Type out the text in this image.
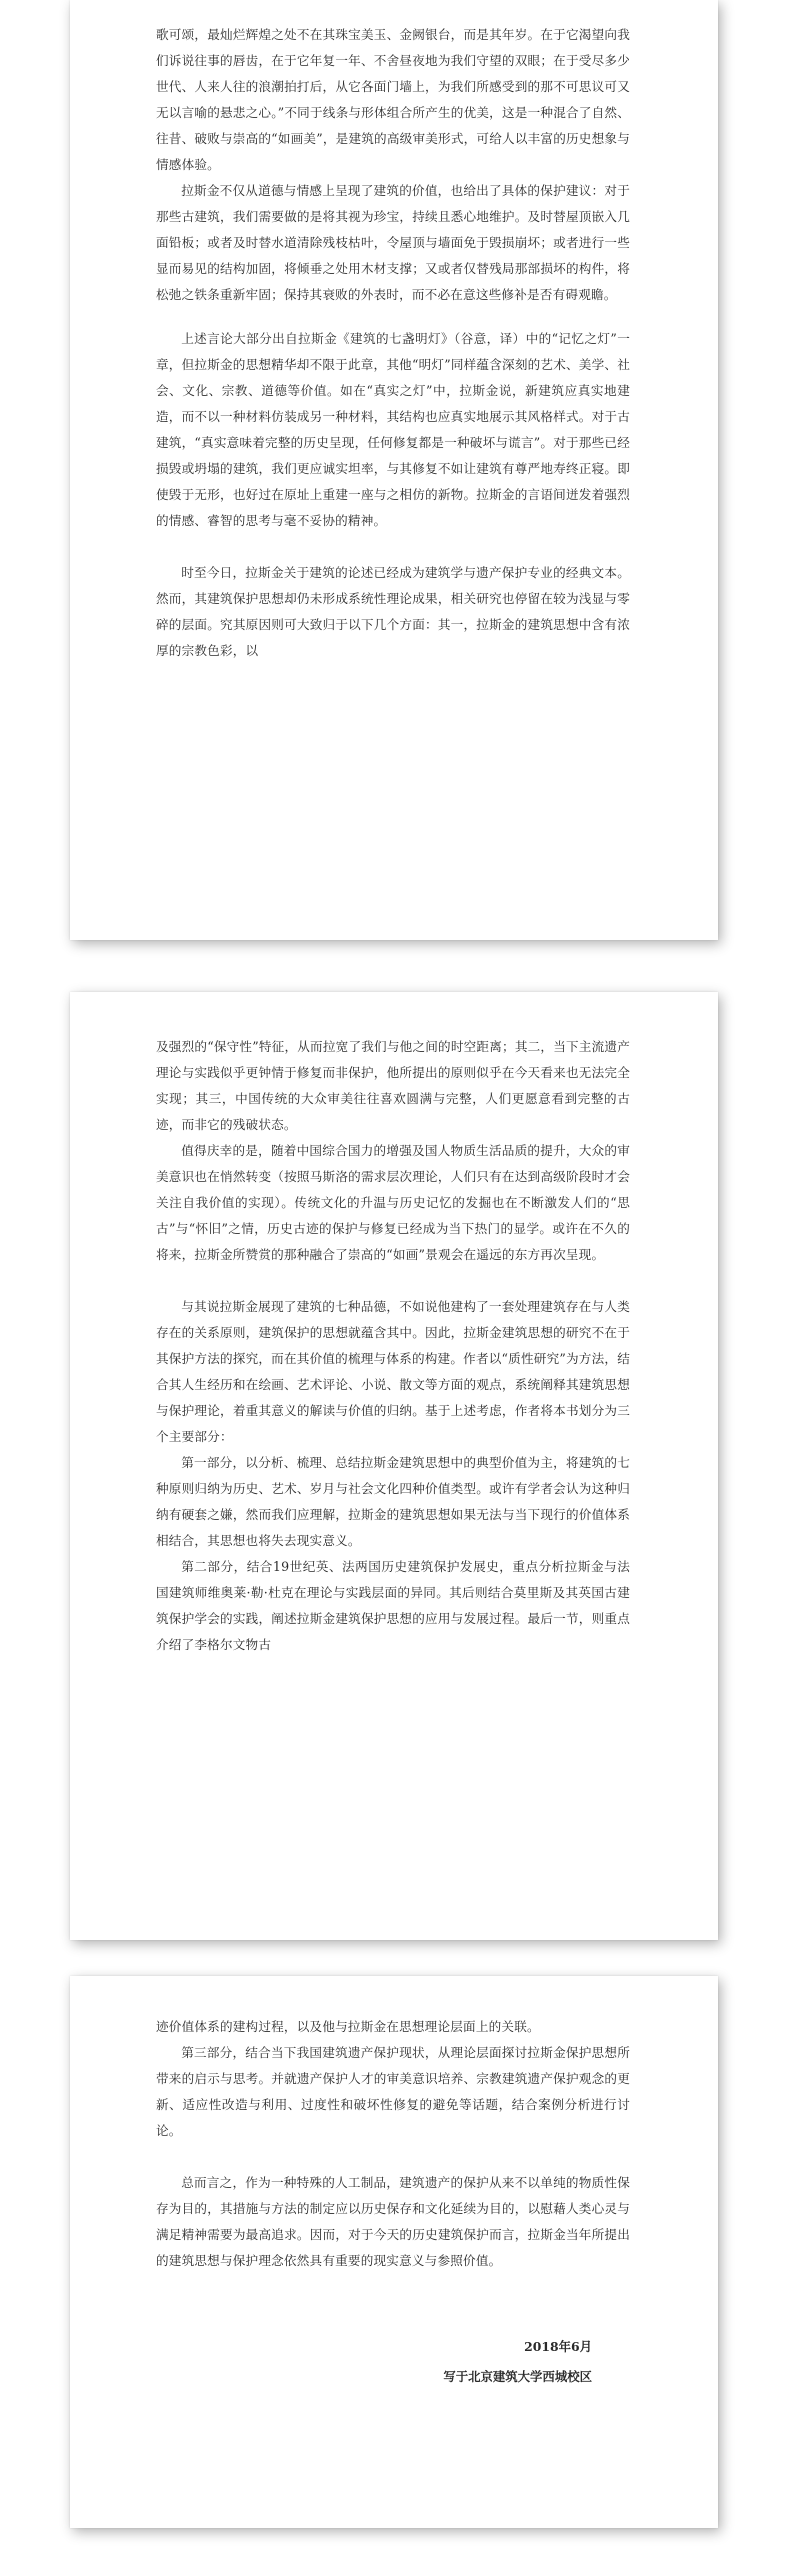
歌可颂，最灿烂辉煌之处不在其珠宝美玉、金阙银台，而是其年岁。在于它渴望向我们诉说往事的唇齿，在于它年复一年、不舍昼夜地为我们守望的双眼；在于受尽多少世代、人来人往的浪潮拍打后，从它各面门墙上，为我们所感受到的那不可思议可又无以言喻的悬悲之心。”不同于线条与形体组合所产生的优美，这是一种混合了自然、往昔、破败与崇高的“如画美”，是建筑的高级审美形式，可给人以丰富的历史想象与情感体验。

拉斯金不仅从道德与情感上呈现了建筑的价值，也给出了具体的保护建议：对于那些古建筑，我们需要做的是将其视为珍宝，持续且悉心地维护。及时替屋顶嵌入几面铅板；或者及时替水道清除残枝枯叶，令屋顶与墙面免于毁损崩坏；或者进行一些显而易见的结构加固，将倾垂之处用木材支撑；又或者仅替残局那部损坏的构件，将松弛之铁条重新牢固；保持其衰败的外表时，而不必在意这些修补是否有碍观瞻。

上述言论大部分出自拉斯金《建筑的七盏明灯》（谷意，译）中的“记忆之灯”一章，但拉斯金的思想精华却不限于此章，其他“明灯”同样蕴含深刻的艺术、美学、社会、文化、宗教、道德等价值。如在“真实之灯”中，拉斯金说，新建筑应真实地建造，而不以一种材料仿装成另一种材料，其结构也应真实地展示其风格样式。对于古建筑，“真实意味着完整的历史呈现，任何修复都是一种破坏与谎言”。对于那些已经损毁或坍塌的建筑，我们更应诚实坦率，与其修复不如让建筑有尊严地寿终正寝。即使毁于无形，也好过在原址上重建一座与之相仿的新物。拉斯金的言语间迸发着强烈的情感、睿智的思考与毫不妥协的精神。

时至今日，拉斯金关于建筑的论述已经成为建筑学与遗产保护专业的经典文本。然而，其建筑保护思想却仍未形成系统性理论成果，相关研究也停留在较为浅显与零碎的层面。究其原因则可大致归于以下几个方面：其一，拉斯金的建筑思想中含有浓厚的宗教色彩，以

及强烈的“保守性”特征，从而拉宽了我们与他之间的时空距离；其二，当下主流遗产理论与实践似乎更钟情于修复而非保护，他所提出的原则似乎在今天看来也无法完全实现；其三，中国传统的大众审美往往喜欢圆满与完整，人们更愿意看到完整的古迹，而非它的残破状态。

值得庆幸的是，随着中国综合国力的增强及国人物质生活品质的提升，大众的审美意识也在悄然转变（按照马斯洛的需求层次理论，人们只有在达到高级阶段时才会关注自我价值的实现）。传统文化的升温与历史记忆的发掘也在不断激发人们的“思古”与“怀旧”之情，历史古迹的保护与修复已经成为当下热门的显学。或许在不久的将来，拉斯金所赞赏的那种融合了崇高的“如画”景观会在遥远的东方再次呈现。

与其说拉斯金展现了建筑的七种品德，不如说他建构了一套处理建筑存在与人类存在的关系原则，建筑保护的思想就蕴含其中。因此，拉斯金建筑思想的研究不在于其保护方法的探究，而在其价值的梳理与体系的构建。作者以“质性研究”为方法，结合其人生经历和在绘画、艺术评论、小说、散文等方面的观点，系统阐释其建筑思想与保护理论，着重其意义的解读与价值的归纳。基于上述考虑，作者将本书划分为三个主要部分：

第一部分，以分析、梳理、总结拉斯金建筑思想中的典型价值为主，将建筑的七种原则归纳为历史、艺术、岁月与社会文化四种价值类型。或许有学者会认为这种归纳有硬套之嫌，然而我们应理解，拉斯金的建筑思想如果无法与当下现行的价值体系相结合，其思想也将失去现实意义。

第二部分，结合19世纪英、法两国历史建筑保护发展史，重点分析拉斯金与法国建筑师维奥莱·勒·杜克在理论与实践层面的异同。其后则结合莫里斯及其英国古建筑保护学会的实践，阐述拉斯金建筑保护思想的应用与发展过程。最后一节，则重点介绍了李格尔文物古

迹价值体系的建构过程，以及他与拉斯金在思想理论层面上的关联。

第三部分，结合当下我国建筑遗产保护现状，从理论层面探讨拉斯金保护思想所带来的启示与思考。并就遗产保护人才的审美意识培养、宗教建筑遗产保护观念的更新、适应性改造与利用、过度性和破坏性修复的避免等话题，结合案例分析进行讨论。

总而言之，作为一种特殊的人工制品，建筑遗产的保护从来不以单纯的物质性保存为目的，其措施与方法的制定应以历史保存和文化延续为目的，以慰藉人类心灵与满足精神需要为最高追求。因而，对于今天的历史建筑保护而言，拉斯金当年所提出的建筑思想与保护理念依然具有重要的现实意义与参照价值。

2018年6月
写于北京建筑大学西城校区
